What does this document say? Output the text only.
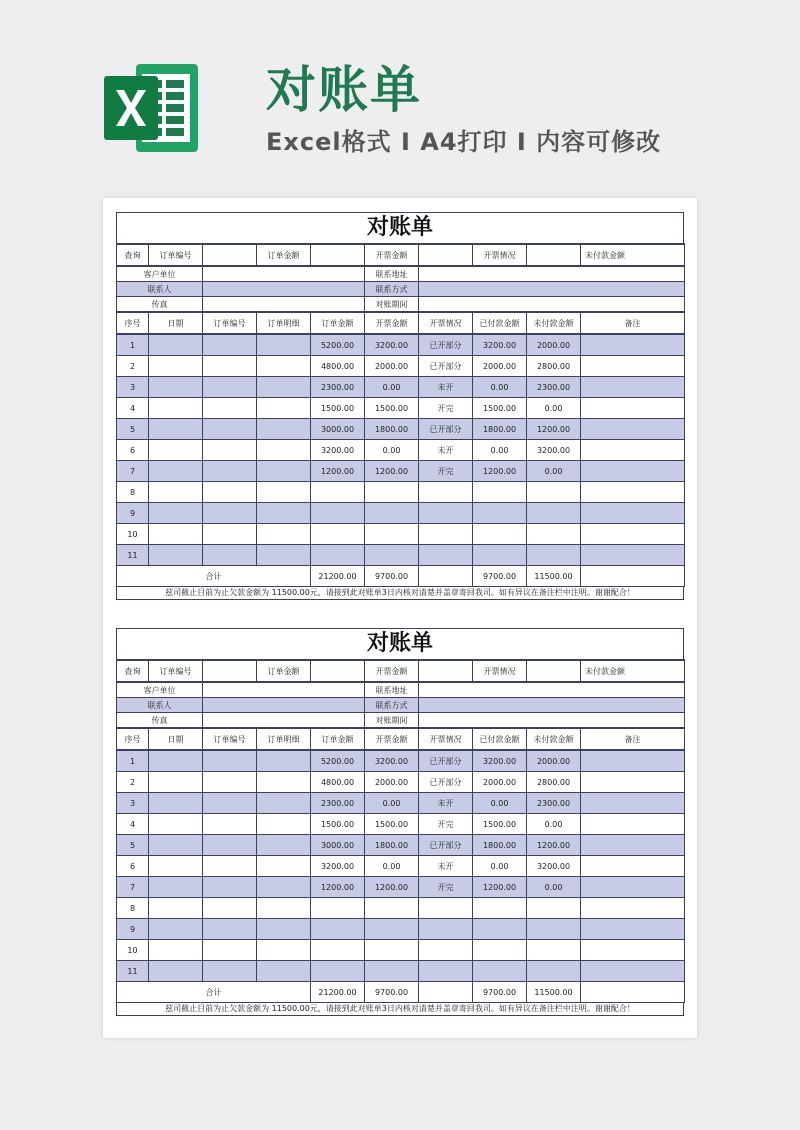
对账单
Excel格式 I A4打印 I 内容可修改
对账单
查询	订单编号		订单金额		开票金额		开票情况		未付款金额
客户单位					联系地址				
联系人					联系方式				
传真					对账期间				
序号	日期	订单编号	订单明细	订单金额	开票金额	开票情况	已付款金额	未付款金额	备注
1				5200.00	3200.00	已开部分	3200.00	2000.00	
2				4800.00	2000.00	已开部分	2000.00	2800.00	
3				2300.00	0.00	未开	0.00	2300.00	
4				1500.00	1500.00	开完	1500.00	0.00	
5				3000.00	1800.00	已开部分	1800.00	1200.00	
6				3200.00	0.00	未开	0.00	3200.00	
7				1200.00	1200.00	开完	1200.00	0.00	
8									
9									
10									
11									
合计				21200.00	9700.00		9700.00	11500.00	
兹司截止目前为止欠款金额为 11500.00元，请接到此对账单3日内核对清楚并盖章寄回我司。如有异议在备注栏中注明。谢谢配合！
对账单
查询	订单编号		订单金额		开票金额		开票情况		未付款金额
客户单位					联系地址				
联系人					联系方式				
传真					对账期间				
序号	日期	订单编号	订单明细	订单金额	开票金额	开票情况	已付款金额	未付款金额	备注
1				5200.00	3200.00	已开部分	3200.00	2000.00	
2				4800.00	2000.00	已开部分	2000.00	2800.00	
3				2300.00	0.00	未开	0.00	2300.00	
4				1500.00	1500.00	开完	1500.00	0.00	
5				3000.00	1800.00	已开部分	1800.00	1200.00	
6				3200.00	0.00	未开	0.00	3200.00	
7				1200.00	1200.00	开完	1200.00	0.00	
8									
9									
10									
11									
合计				21200.00	9700.00		9700.00	11500.00	
兹司截止目前为止欠款金额为 11500.00元，请接到此对账单3日内核对清楚并盖章寄回我司。如有异议在备注栏中注明。谢谢配合！
